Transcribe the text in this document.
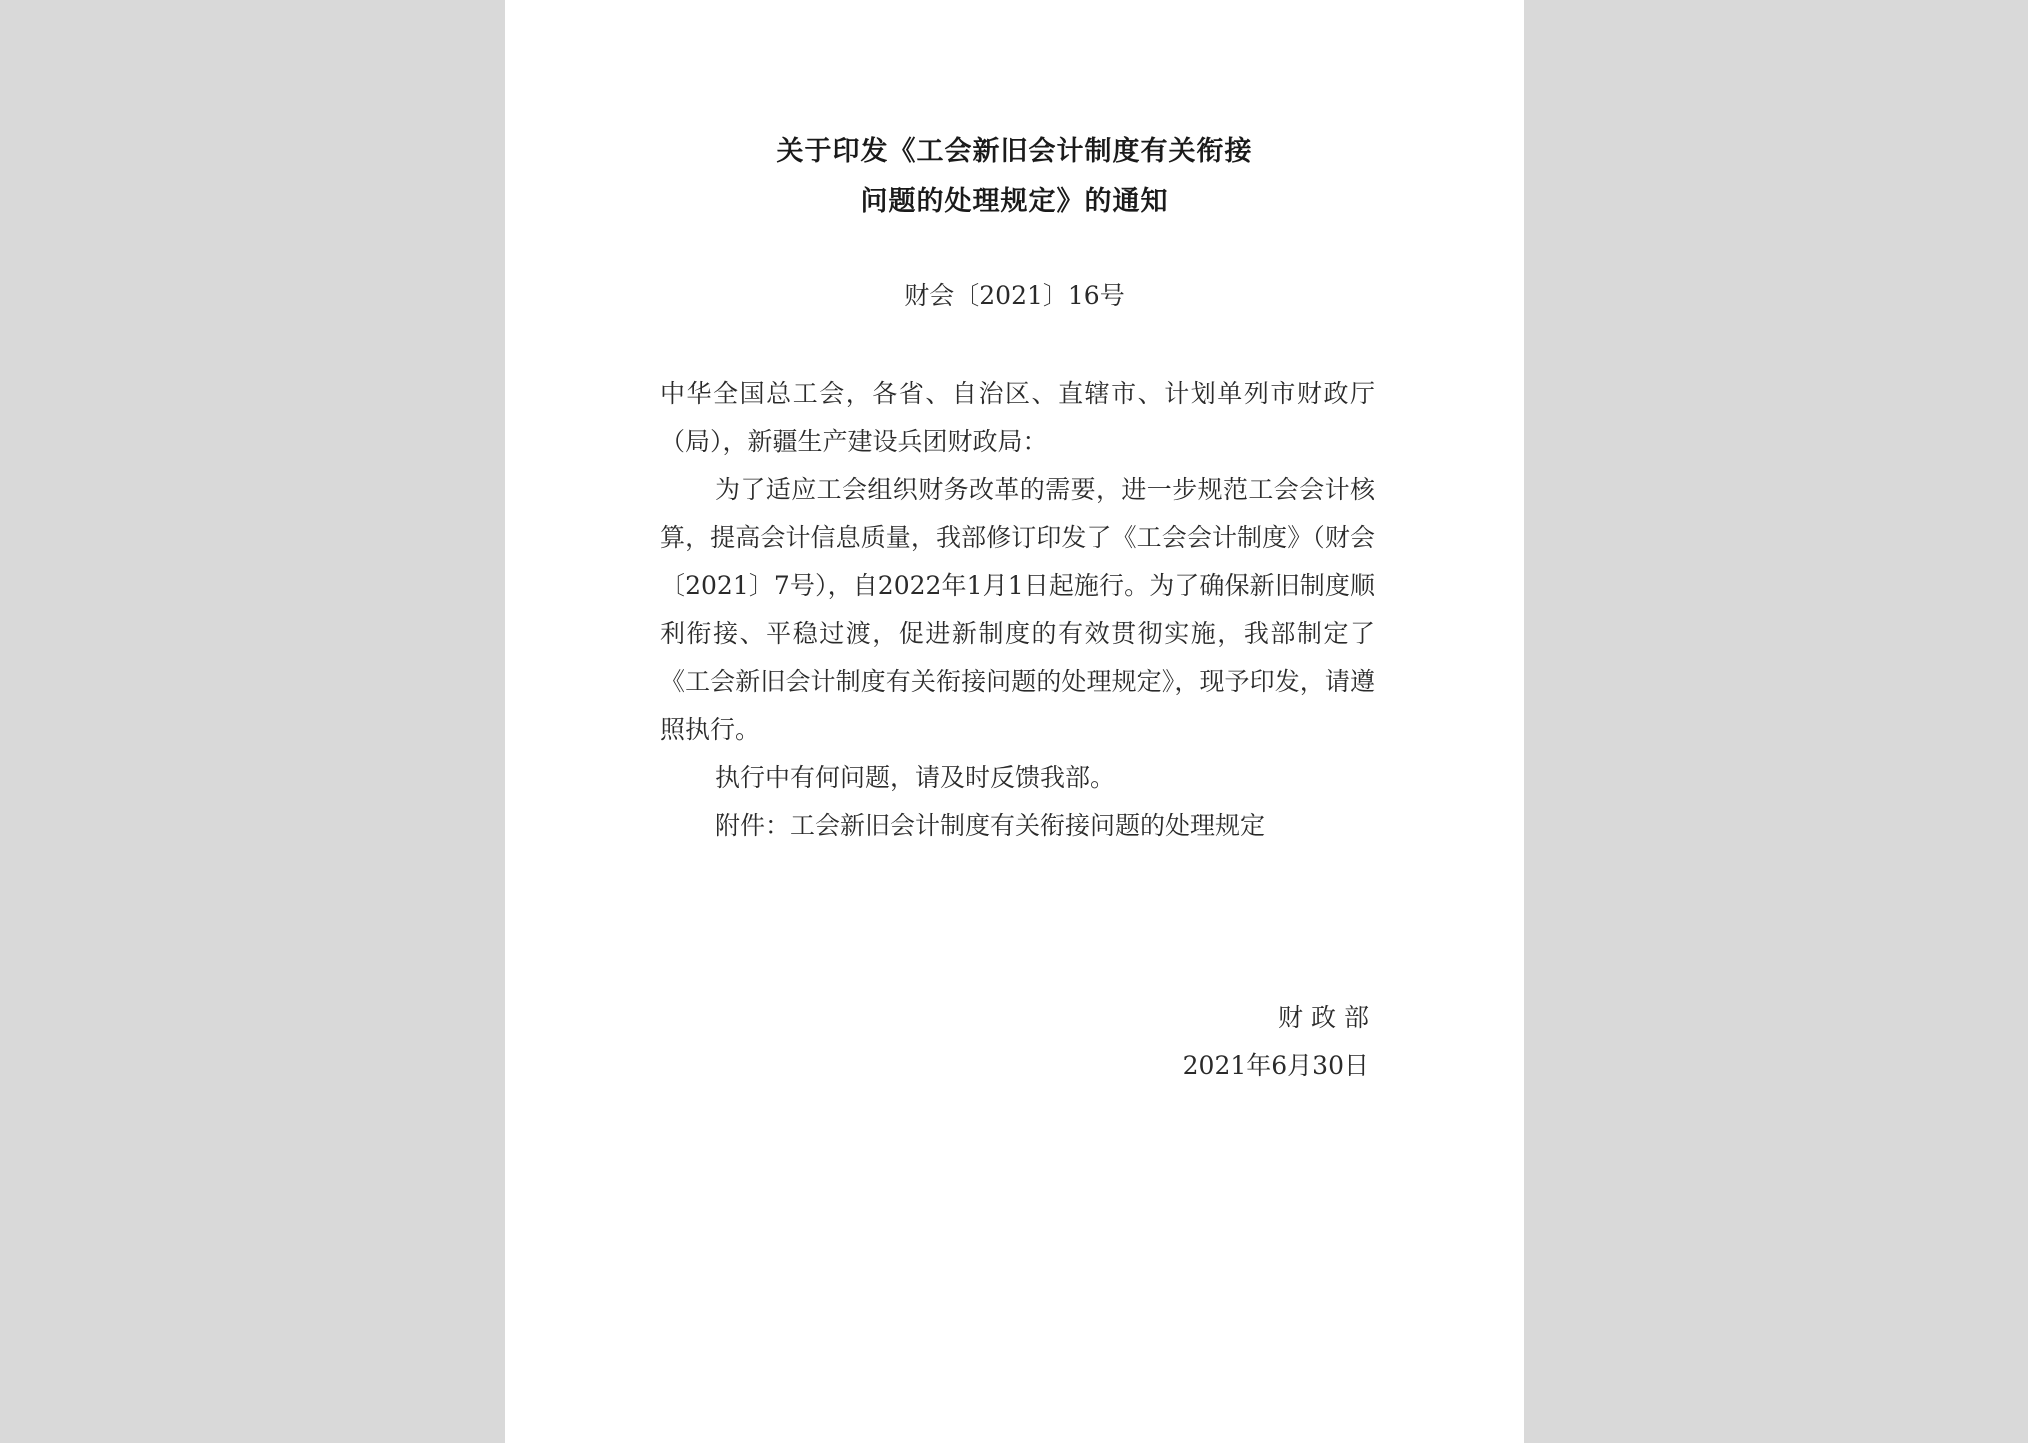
关于印发《工会新旧会计制度有关衔接
问题的处理规定》的通知
财会〔2021〕16号

中华全国总工会，各省、自治区、直辖市、计划单列市财政厅（局），新疆生产建设兵团财政局：

为了适应工会组织财务改革的需要，进一步规范工会会计核算，提高会计信息质量，我部修订印发了《工会会计制度》（财会〔2021〕7号），自2022年1月1日起施行。为了确保新旧制度顺利衔接、平稳过渡，促进新制度的有效贯彻实施，我部制定了《工会新旧会计制度有关衔接问题的处理规定》，现予印发，请遵照执行。

执行中有何问题，请及时反馈我部。

附件：工会新旧会计制度有关衔接问题的处理规定

财政部
2021年6月30日
